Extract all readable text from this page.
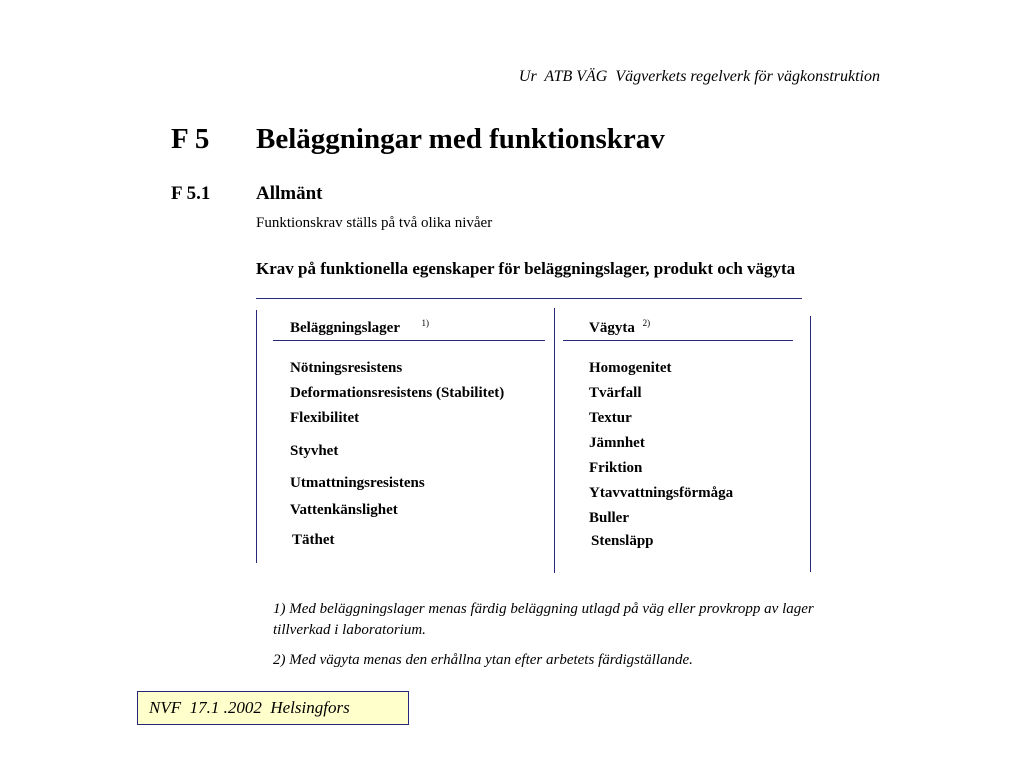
Ur  ATB VÄG  Vägverkets regelverk för vägkonstruktion
F 5 Beläggningar med funktionskrav
F 5.1 Allmänt
Funktionskrav ställs på två olika nivåer
Krav på funktionella egenskaper för beläggningslager, produkt och vägyta
Beläggningslager $^{1)}$	Vägyta $^{2)}$
Nötningsresistens
Deformationsresistens (Stabilitet)
Flexibilitet
Styvhet
Utmattningsresistens
Vattenkänslighet
Täthet
Homogenitet
Tvärfall
Textur
Jämnhet
Friktion
Ytavvattningsförmåga
Buller
Stensläpp
1) Med beläggningslager menas färdig beläggning utlagd på väg eller provkropp av lager tillverkad i laboratorium.
2) Med vägyta menas den erhållna ytan efter arbetets färdigställande.
NVF  17.1 .2002  Helsingfors
